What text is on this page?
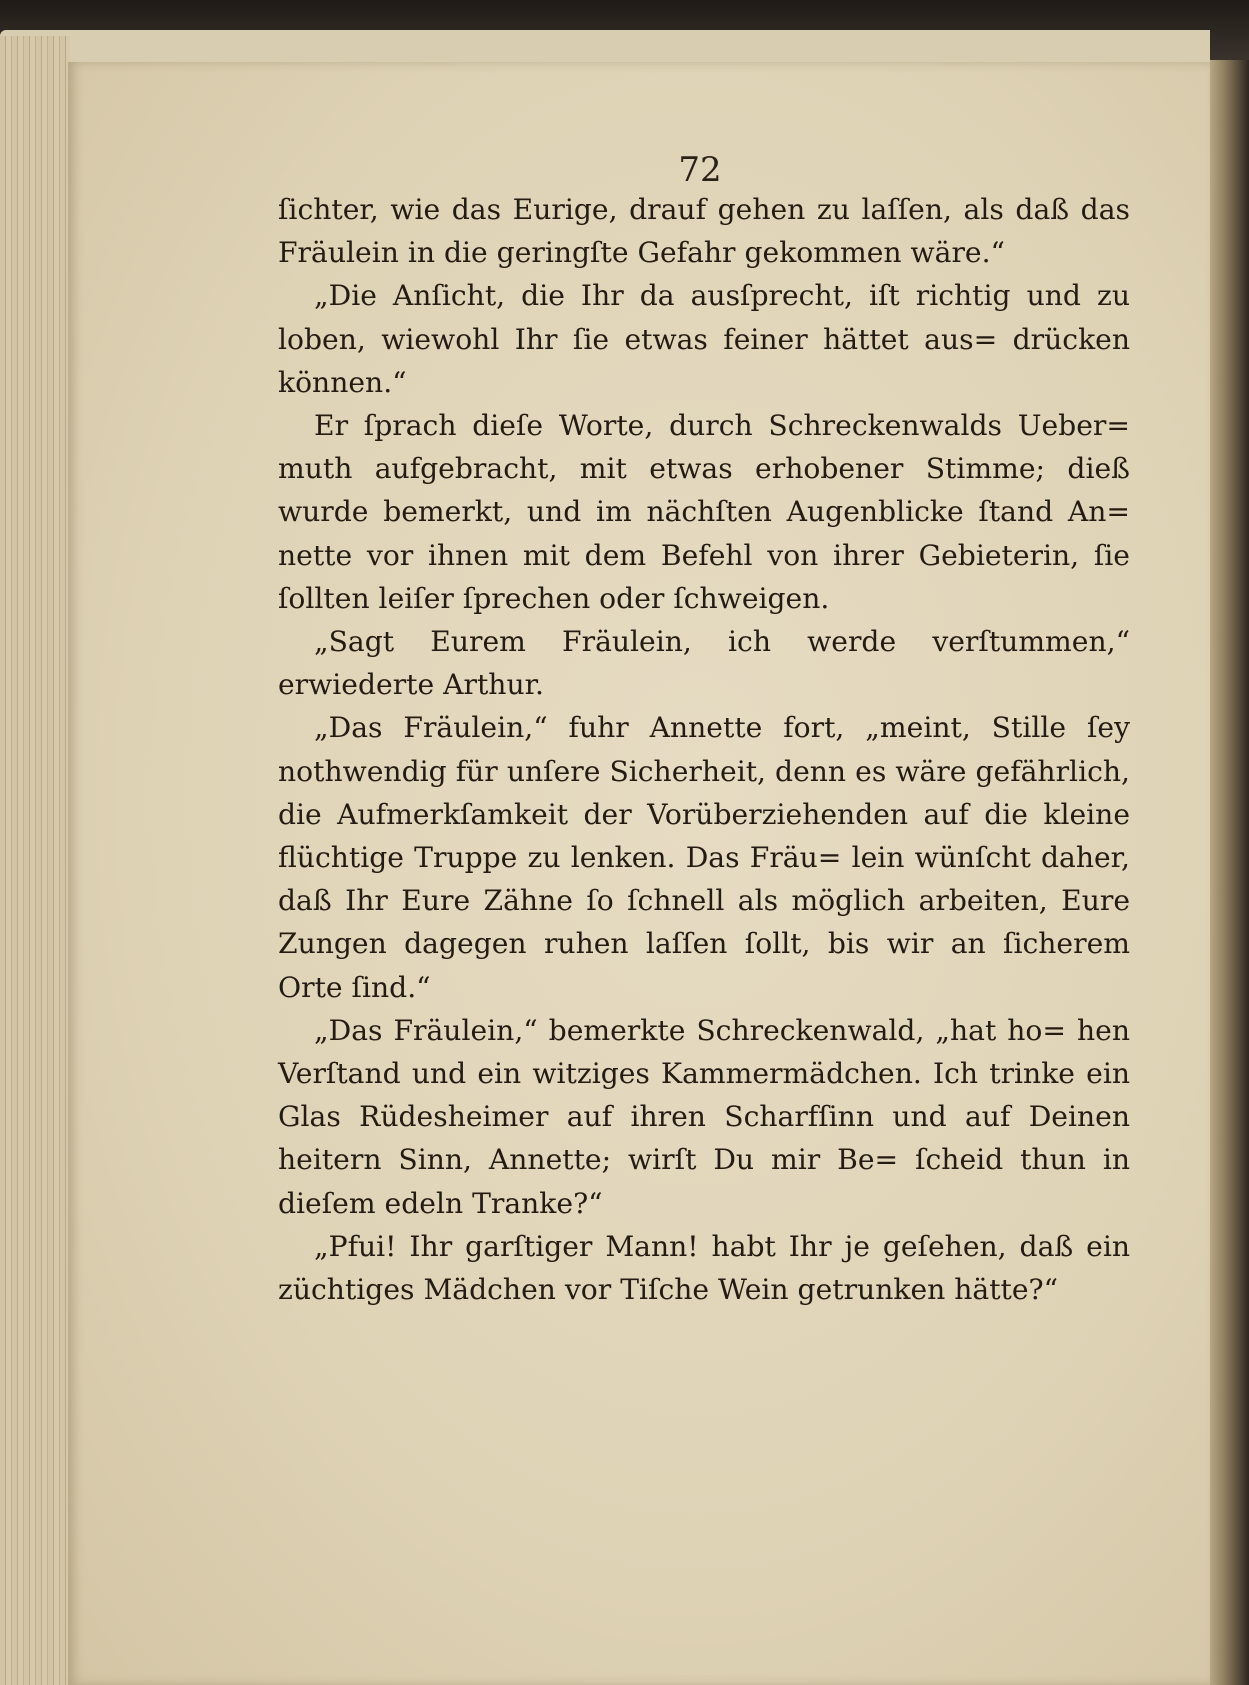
72

ſichter, wie das Eurige, drauf gehen zu laſſen, als daß das Fräulein in die geringſte Gefahr gekommen wäre.“

„Die Anſicht, die Ihr da ausſprecht, iſt richtig und zu loben, wiewohl Ihr ſie etwas feiner hättet aus= drücken können.“

Er ſprach dieſe Worte, durch Schreckenwalds Ueber= muth aufgebracht, mit etwas erhobener Stimme; dieß wurde bemerkt, und im nächſten Augenblicke ſtand An= nette vor ihnen mit dem Befehl von ihrer Gebieterin, ſie ſollten leiſer ſprechen oder ſchweigen.

„Sagt Eurem Fräulein, ich werde verſtummen,“ erwiederte Arthur.

„Das Fräulein,“ fuhr Annette fort, „meint, Stille ſey nothwendig für unſere Sicherheit, denn es wäre gefährlich, die Aufmerkſamkeit der Vorüberziehenden auf die kleine flüchtige Truppe zu lenken. Das Fräu= lein wünſcht daher, daß Ihr Eure Zähne ſo ſchnell als möglich arbeiten, Eure Zungen dagegen ruhen laſſen ſollt, bis wir an ſicherem Orte ſind.“

„Das Fräulein,“ bemerkte Schreckenwald, „hat ho= hen Verſtand und ein witziges Kammermädchen. Ich trinke ein Glas Rüdesheimer auf ihren Scharfſinn und auf Deinen heitern Sinn, Annette; wirſt Du mir Be= ſcheid thun in dieſem edeln Tranke?“

„Pfui! Ihr garſtiger Mann! habt Ihr je geſehen, daß ein züchtiges Mädchen vor Tiſche Wein getrunken hätte?“
